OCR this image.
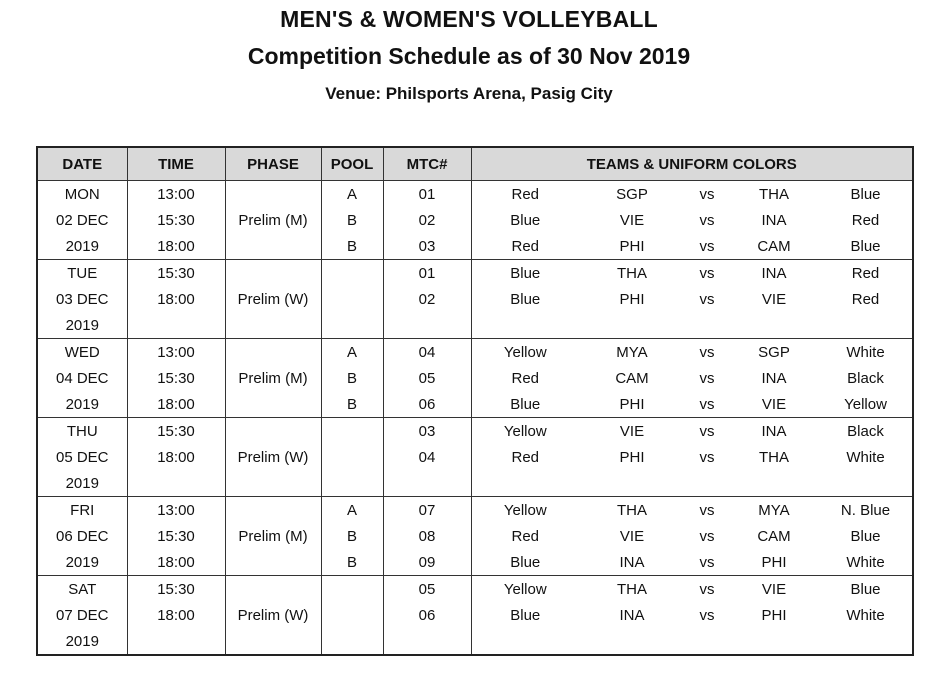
MEN'S & WOMEN'S VOLLEYBALL
Competition Schedule as of 30 Nov 2019
Venue: Philsports Arena, Pasig City
DATE	TIME	PHASE	POOL	MTC#	TEAMS & UNIFORM COLORS				
MON	13:00		A	01	Red	SGP	vs	THA	Blue
02 DEC	15:30	Prelim (M)	B	02	Blue	VIE	vs	INA	Red
2019	18:00		B	03	Red	PHI	vs	CAM	Blue
TUE	15:30			01	Blue	THA	vs	INA	Red
03 DEC	18:00	Prelim (W)		02	Blue	PHI	vs	VIE	Red
2019									
WED	13:00		A	04	Yellow	MYA	vs	SGP	White
04 DEC	15:30	Prelim (M)	B	05	Red	CAM	vs	INA	Black
2019	18:00		B	06	Blue	PHI	vs	VIE	Yellow
THU	15:30			03	Yellow	VIE	vs	INA	Black
05 DEC	18:00	Prelim (W)		04	Red	PHI	vs	THA	White
2019									
FRI	13:00		A	07	Yellow	THA	vs	MYA	N. Blue
06 DEC	15:30	Prelim (M)	B	08	Red	VIE	vs	CAM	Blue
2019	18:00		B	09	Blue	INA	vs	PHI	White
SAT	15:30			05	Yellow	THA	vs	VIE	Blue
07 DEC	18:00	Prelim (W)		06	Blue	INA	vs	PHI	White
2019									
